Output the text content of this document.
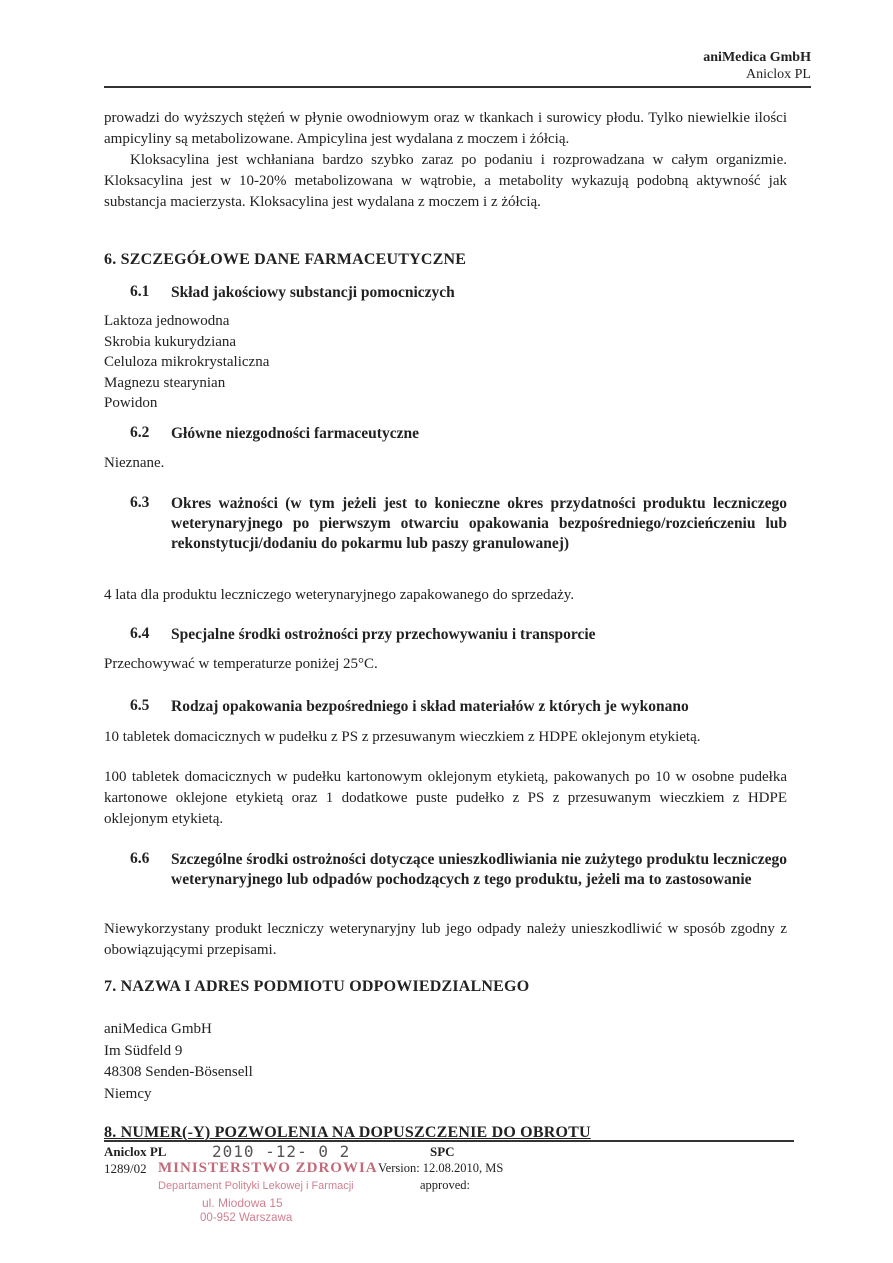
aniMedica GmbH
Aniclox PL
prowadzi do wyższych stężeń w płynie owodniowym oraz w tkankach i surowicy płodu. Tylko niewielkie ilości ampicyliny są metabolizowane. Ampicylina jest wydalana z moczem i żółcią.
Kloksacylina jest wchłaniana bardzo szybko zaraz po podaniu i rozprowadzana w całym organizmie. Kloksacylina jest w 10-20% metabolizowana w wątrobie, a metabolity wykazują podobną aktywność jak substancja macierzysta. Kloksacylina jest wydalana z moczem i z żółcią.
6. SZCZEGÓŁOWE DANE FARMACEUTYCZNE
6.1 Skład jakościowy substancji pomocniczych
Laktoza jednowodna
Skrobia kukurydziana
Celuloza mikrokrystaliczna
Magnezu stearynian
Powidon
6.2 Główne niezgodności farmaceutyczne
Nieznane.
6.3 Okres ważności (w tym jeżeli jest to konieczne okres przydatności produktu leczniczego weterynaryjnego po pierwszym otwarciu opakowania bezpośredniego/rozcieńczeniu lub rekonstytucji/dodaniu do pokarmu lub paszy granulowanej)
4 lata dla produktu leczniczego weterynaryjnego zapakowanego do sprzedaży.
6.4 Specjalne środki ostrożności przy przechowywaniu i transporcie
Przechowywać w temperaturze poniżej 25°C.
6.5 Rodzaj opakowania bezpośredniego i skład materiałów z których je wykonano
10 tabletek domacicznych w pudełku z PS z przesuwanym wieczkiem z HDPE oklejonym etykietą.
100 tabletek domacicznych w pudełku kartonowym oklejonym etykietą, pakowanych po 10 w osobne pudełka kartonowe oklejone etykietą oraz 1 dodatkowe puste pudełko z PS z przesuwanym wieczkiem z HDPE oklejonym etykietą.
6.6 Szczególne środki ostrożności dotyczące unieszkodliwiania nie zużytego produktu leczniczego weterynaryjnego lub odpadów pochodzących z tego produktu, jeżeli ma to zastosowanie
Niewykorzystany produkt leczniczy weterynaryjny lub jego odpady należy unieszkodliwić w sposób zgodny z obowiązującymi przepisami.
7. NAZWA I ADRES PODMIOTU ODPOWIEDZIALNEGO
aniMedica GmbH
Im Südfeld 9
48308 Senden-Bösensell
Niemcy
8. NUMER(-Y) POZWOLENIA NA DOPUSZCZENIE DO OBROTU
Aniclox PL
1289/02
SPC
Version: 12.08.2010, MS
approved:
2010 -12- 0 2
MINISTERSTWO ZDROWIA
Departament Polityki Lekowej i Farmacji
ul. Miodowa 15
00-952 Warszawa
